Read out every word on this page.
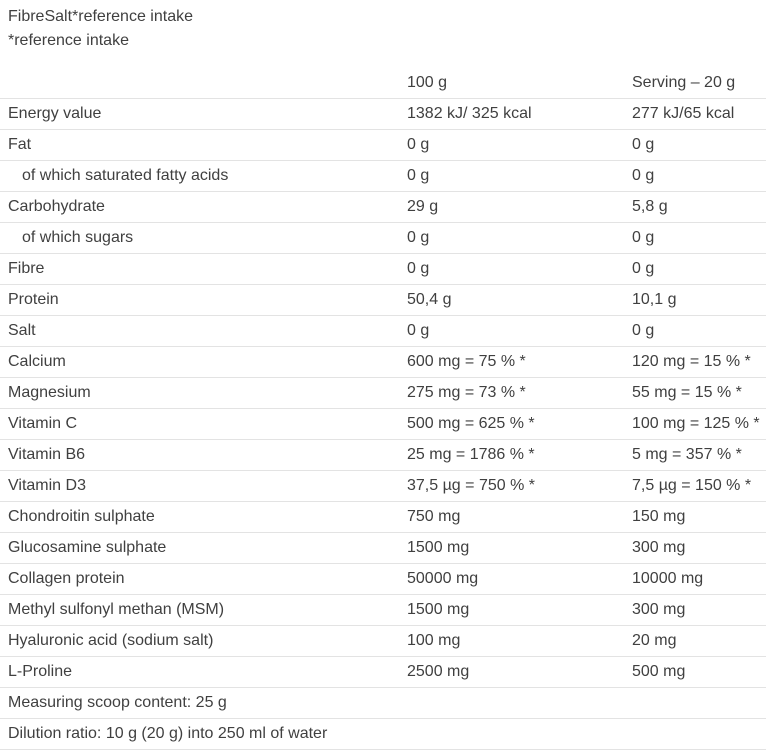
FibreSalt*reference intake
*reference intake
	100 g	Serving – 20 g
Energy value	1382 kJ/ 325 kcal	277 kJ/65 kcal
Fat	0 g	0 g
of which saturated fatty acids	0 g	0 g
Carbohydrate	29 g	5,8 g
of which sugars	0 g	0 g
Fibre	0 g	0 g
Protein	50,4 g	10,1 g
Salt	0 g	0 g
Calcium	600 mg = 75 % *	120 mg = 15 % *
Magnesium	275 mg = 73 % *	55 mg = 15 % *
Vitamin C	500 mg = 625 % *	100 mg = 125 % *
Vitamin B6	25 mg = 1786 % *	5 mg = 357 % *
Vitamin D3	37,5 µg = 750 % *	7,5 µg = 150 % *
Chondroitin sulphate	750 mg	150 mg
Glucosamine sulphate	1500 mg	300 mg
Collagen protein	50000 mg	10000 mg
Methyl sulfonyl methan (MSM)	1500 mg	300 mg
Hyaluronic acid (sodium salt)	100 mg	20 mg
L-Proline	2500 mg	500 mg
Measuring scoop content: 25 g		
Dilution ratio: 10 g (20 g) into 250 ml of water		
